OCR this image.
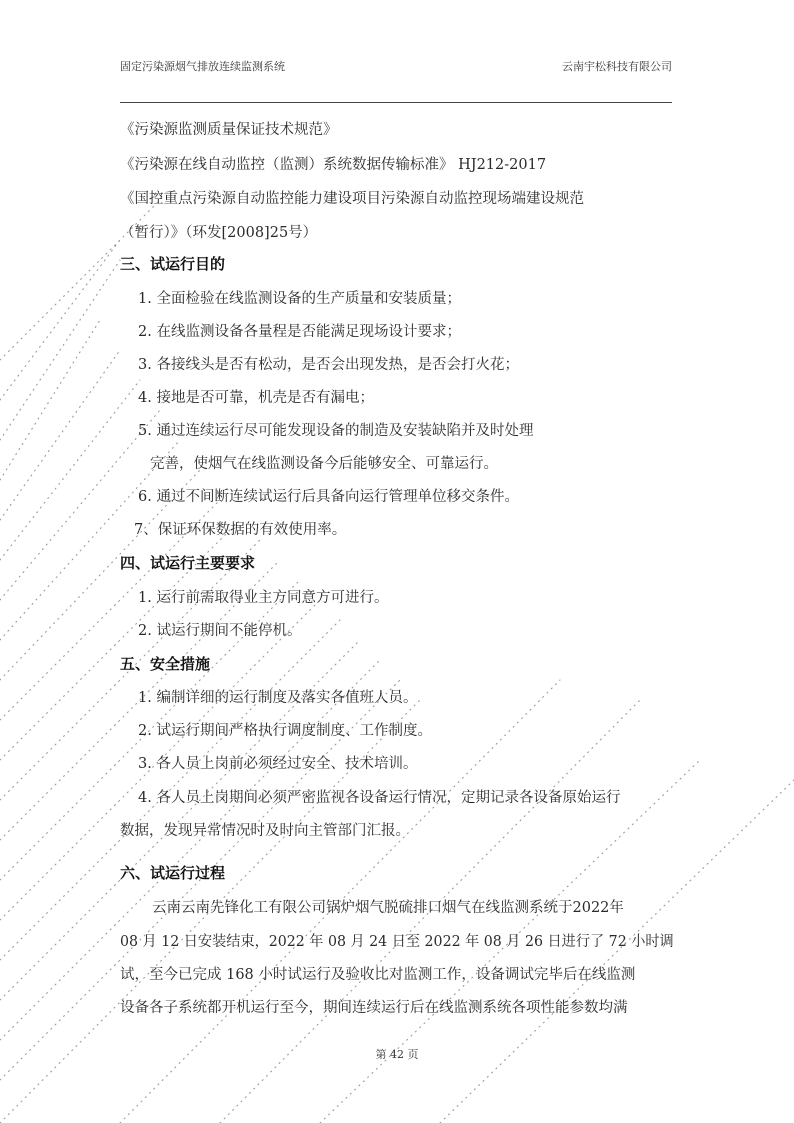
固定污染源烟气排放连续监测系统	云南宇松科技有限公司
《污染源监测质量保证技术规范》
《污染源在线自动监控（监测）系统数据传输标准》 HJ212-2017
《国控重点污染源自动监控能力建设项目污染源自动监控现场端建设规范
（暂行）》（环发[2008]25号）
三、试运行目的
1. 全面检验在线监测设备的生产质量和安装质量；
2. 在线监测设备各量程是否能满足现场设计要求；
3. 各接线头是否有松动，是否会出现发热，是否会打火花；
4. 接地是否可靠，机壳是否有漏电；
5. 通过连续运行尽可能发现设备的制造及安装缺陷并及时处理
完善，使烟气在线监测设备今后能够安全、可靠运行。
6. 通过不间断连续试运行后具备向运行管理单位移交条件。
7、保证环保数据的有效使用率。
四、试运行主要要求
1. 运行前需取得业主方同意方可进行。
2. 试运行期间不能停机。
五、安全措施
1. 编制详细的运行制度及落实各值班人员。
2. 试运行期间严格执行调度制度、工作制度。
3. 各人员上岗前必须经过安全、技术培训。
4. 各人员上岗期间必须严密监视各设备运行情况，定期记录各设备原始运行
数据，发现异常情况时及时向主管部门汇报。
六、试运行过程
云南云南先锋化工有限公司锅炉烟气脱硫排口烟气在线监测系统于2022年
08 月 12 日安装结束，2022 年 08 月 24 日至 2022 年 08 月 26 日进行了 72 小时调
试，至今已完成 168 小时试运行及验收比对监测工作，设备调试完毕后在线监测
设备各子系统都开机运行至今，期间连续运行后在线监测系统各项性能参数均满
第 42 页
